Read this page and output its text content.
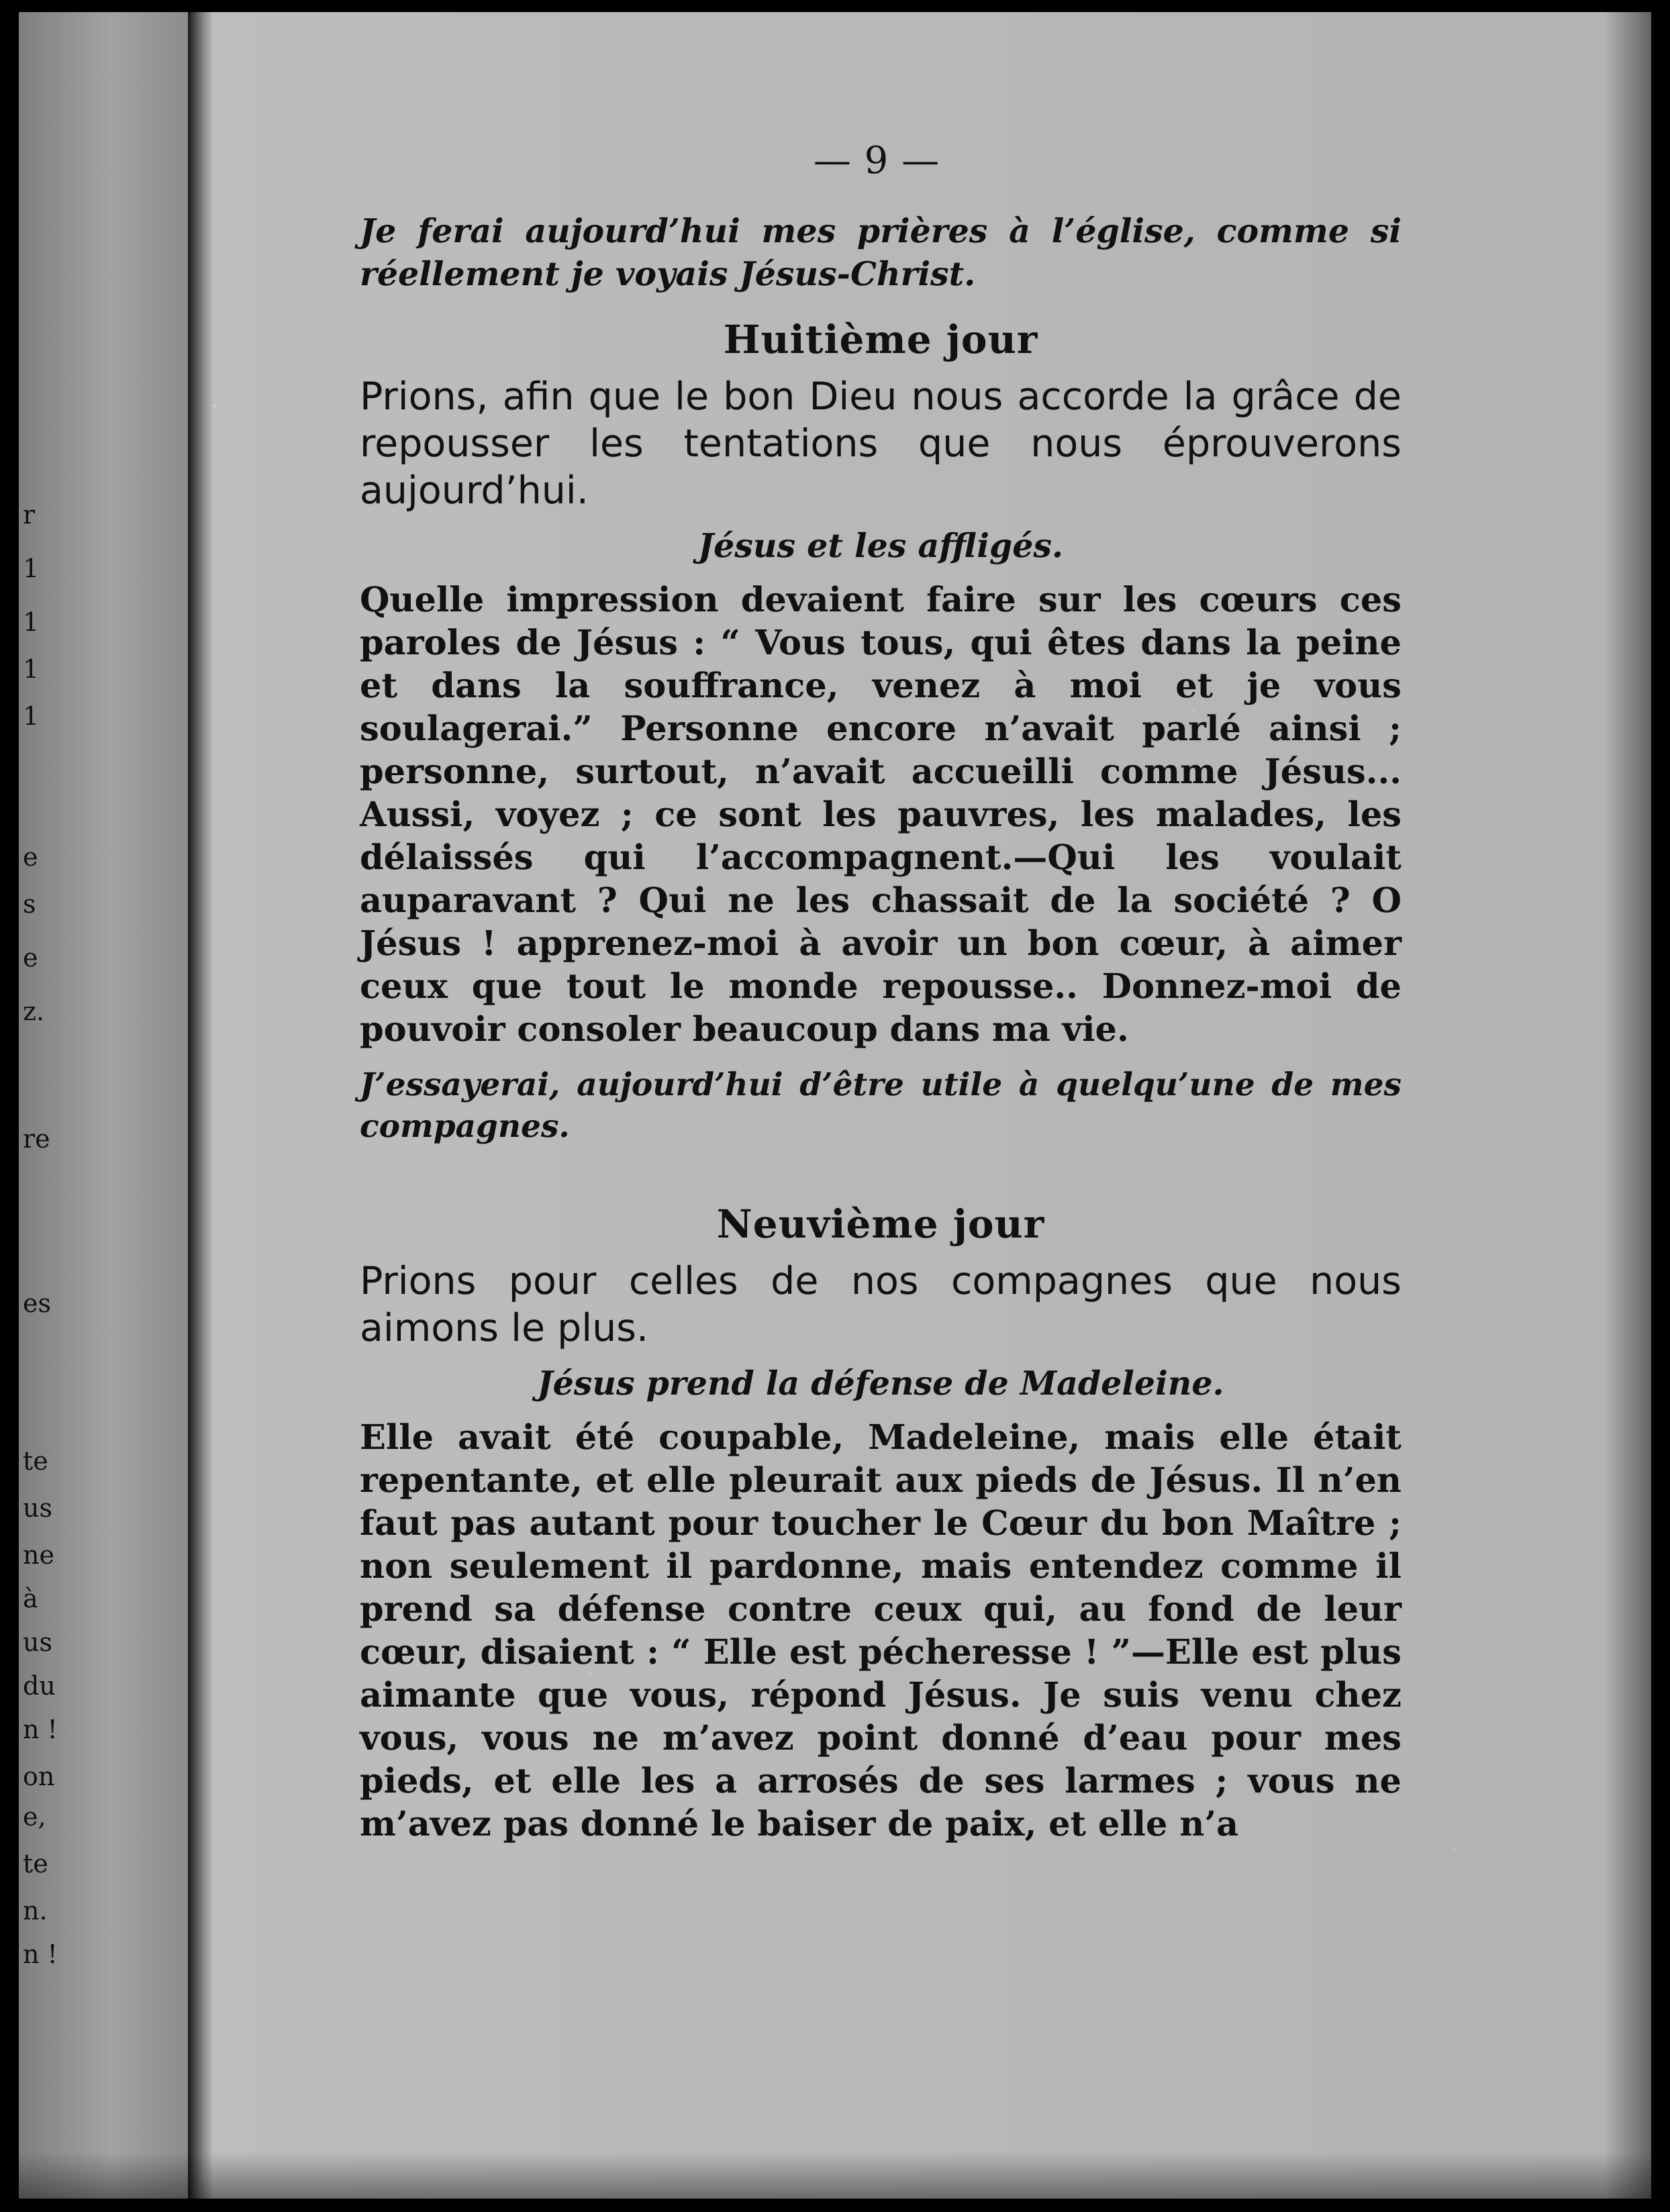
r
1
1
1
1
e
s
e
z.
re
es
te
us
ne
à
us
du
n !
on
e,
te
n.
n !
— 9 —

Je ferai aujourd’hui mes prières à l’église, comme si réellement je voyais Jésus-Christ.

Huitième jour

Prions, afin que le bon Dieu nous accorde la grâce de repousser les tentations que nous éprouverons aujourd’hui.

Jésus et les affligés.

Quelle impression devaient faire sur les cœurs ces paroles de Jésus : “ Vous tous, qui êtes dans la peine et dans la souffrance, venez à moi et je vous soulagerai.” Personne encore n’avait parlé ainsi ; personne, surtout, n’avait accueilli comme Jésus... Aussi, voyez ; ce sont les pauvres, les malades, les délaissés qui l’accompagnent.—Qui les voulait auparavant ? Qui ne les chassait de la société ? O Jésus ! apprenez-moi à avoir un bon cœur, à aimer ceux que tout le monde repousse.. Donnez-moi de pouvoir consoler beaucoup dans ma vie.

J’essayerai, aujourd’hui d’être utile à quelqu’une de mes compagnes.

Neuvième jour

Prions pour celles de nos compagnes que nous aimons le plus.

Jésus prend la défense de Madeleine.

Elle avait été coupable, Madeleine, mais elle était repentante, et elle pleurait aux pieds de Jésus. Il n’en faut pas autant pour toucher le Cœur du bon Maître ; non seulement il pardonne, mais entendez comme il prend sa défense contre ceux qui, au fond de leur cœur, disaient : “ Elle est pécheresse ! ”—Elle est plus aimante que vous, répond Jésus. Je suis venu chez vous, vous ne m’avez point donné d’eau pour mes pieds, et elle les a arrosés de ses larmes ; vous ne m’avez pas donné le baiser de paix, et elle n’a
